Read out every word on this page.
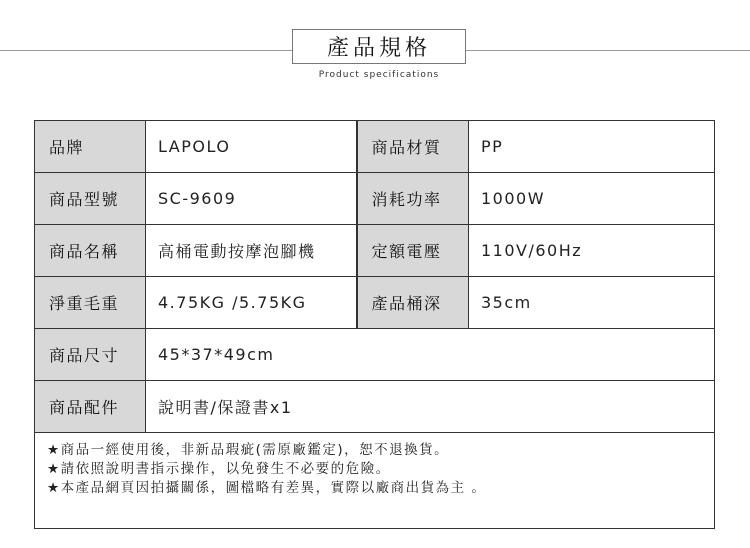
產品規格
Product specifications
品牌	LAPOLO	商品材質	PP
商品型號	SC-9609	消耗功率	1000W
商品名稱	高桶電動按摩泡腳機	定額電壓	110V/60Hz
淨重毛重	4.75KG /5.75KG	產品桶深	35cm
商品尺寸	45*37*49cm		
商品配件	說明書/保證書x1		

★商品一經使用後，非新品瑕疵(需原廠鑑定)，恕不退換貨。
★請依照說明書指示操作，以免發生不必要的危險。
★本產品網頁因拍攝關係，圖檔略有差異，實際以廠商出貨為主 。			
